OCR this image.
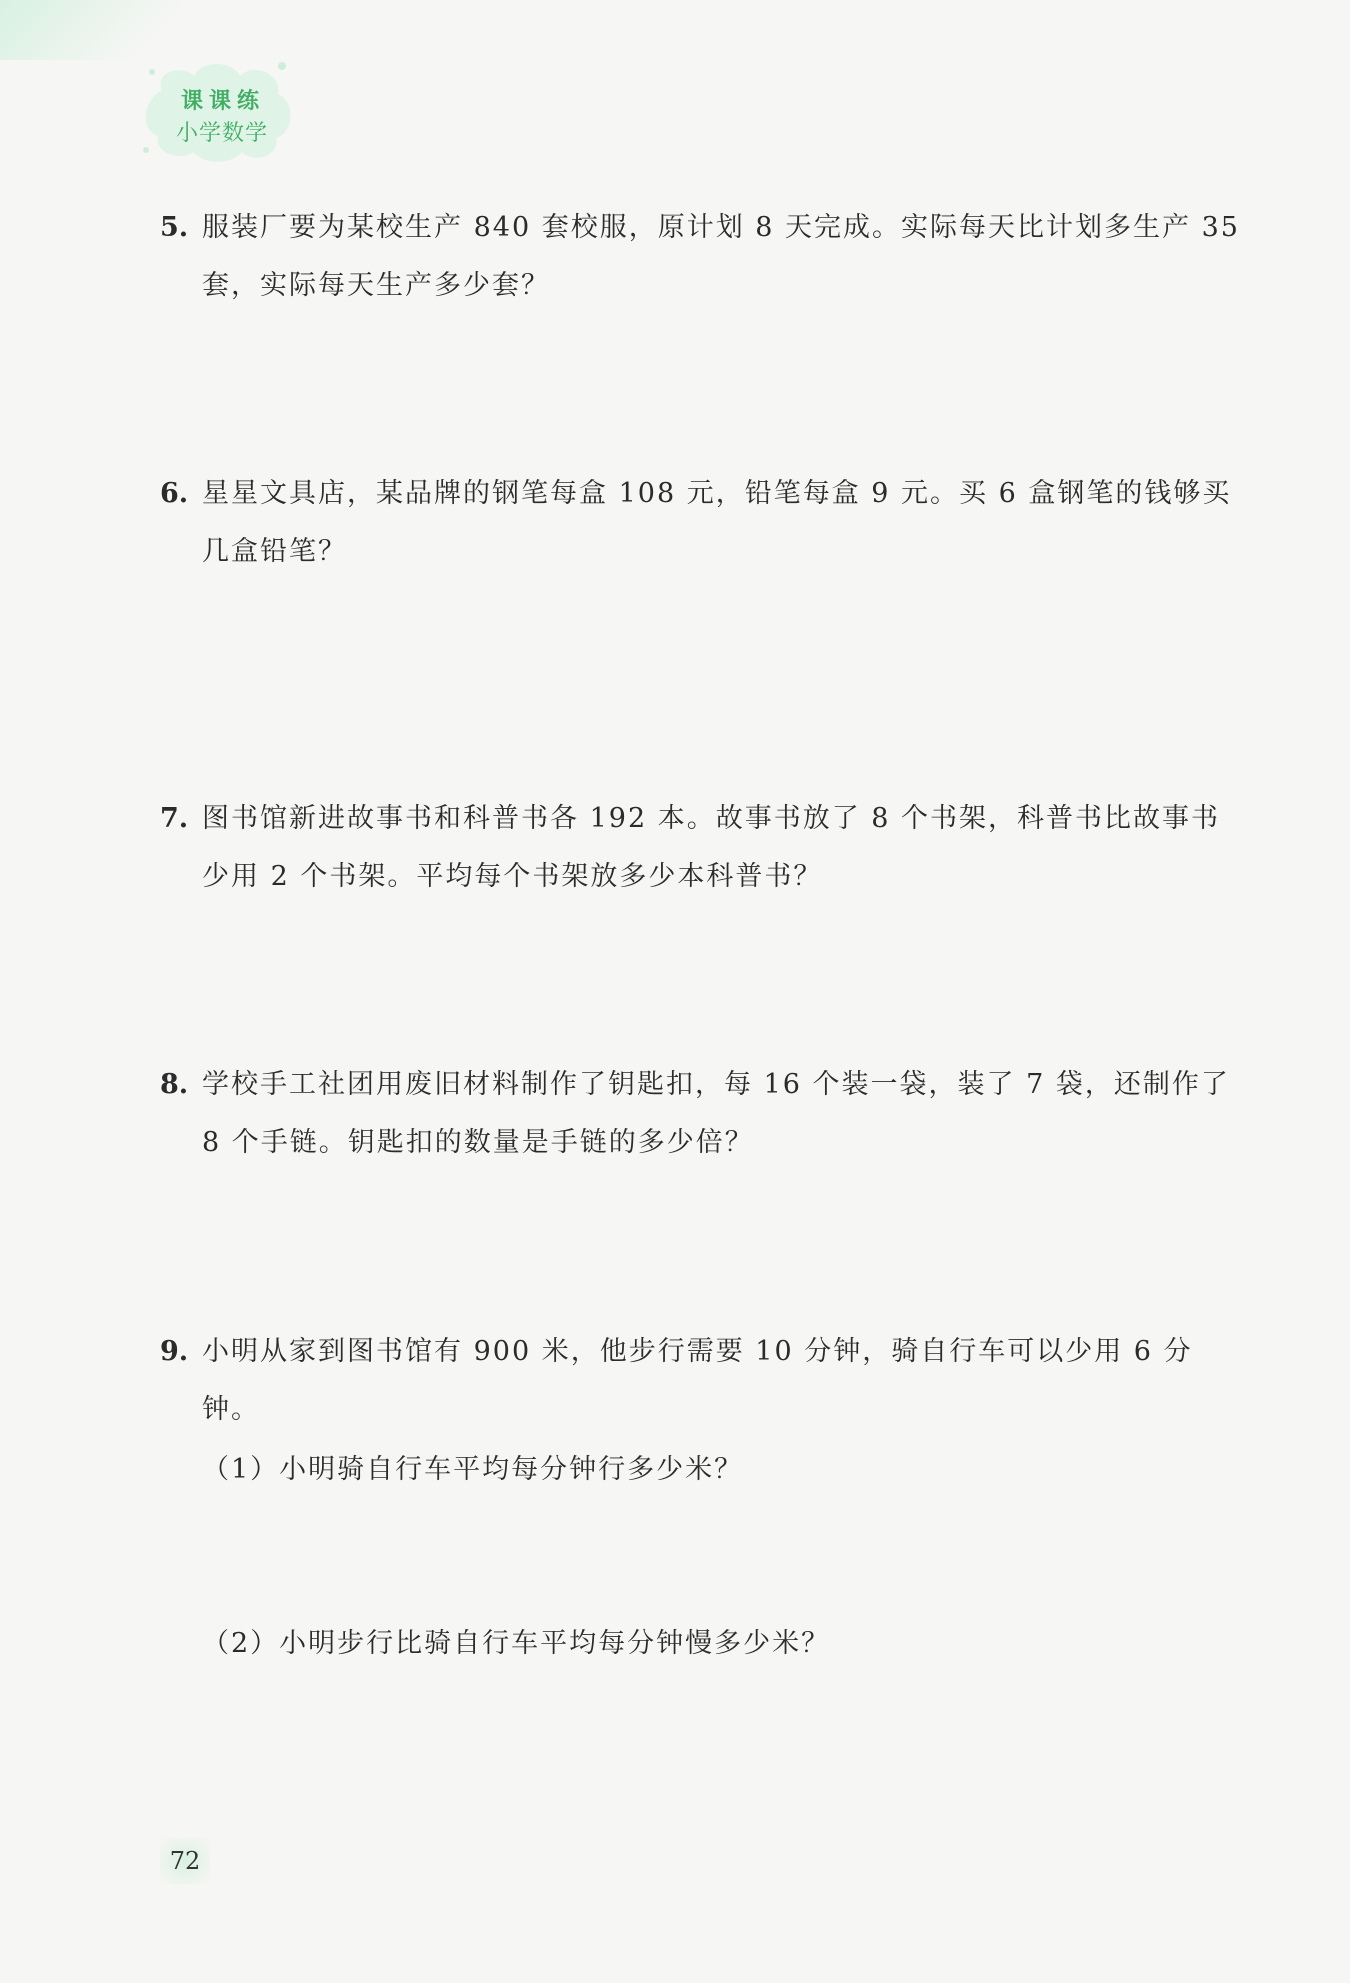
课课练
小学数学
5. 服装厂要为某校生产 840 套校服，原计划 8 天完成。实际每天比计划多生产 35 套，实际每天生产多少套？
6. 星星文具店，某品牌的钢笔每盒 108 元，铅笔每盒 9 元。买 6 盒钢笔的钱够买几盒铅笔？
7. 图书馆新进故事书和科普书各 192 本。故事书放了 8 个书架，科普书比故事书少用 2 个书架。平均每个书架放多少本科普书？
8. 学校手工社团用废旧材料制作了钥匙扣，每 16 个装一袋，装了 7 袋，还制作了 8 个手链。钥匙扣的数量是手链的多少倍？
9. 小明从家到图书馆有 900 米，他步行需要 10 分钟，骑自行车可以少用 6 分钟。
（1）小明骑自行车平均每分钟行多少米？
（2）小明步行比骑自行车平均每分钟慢多少米？
72
